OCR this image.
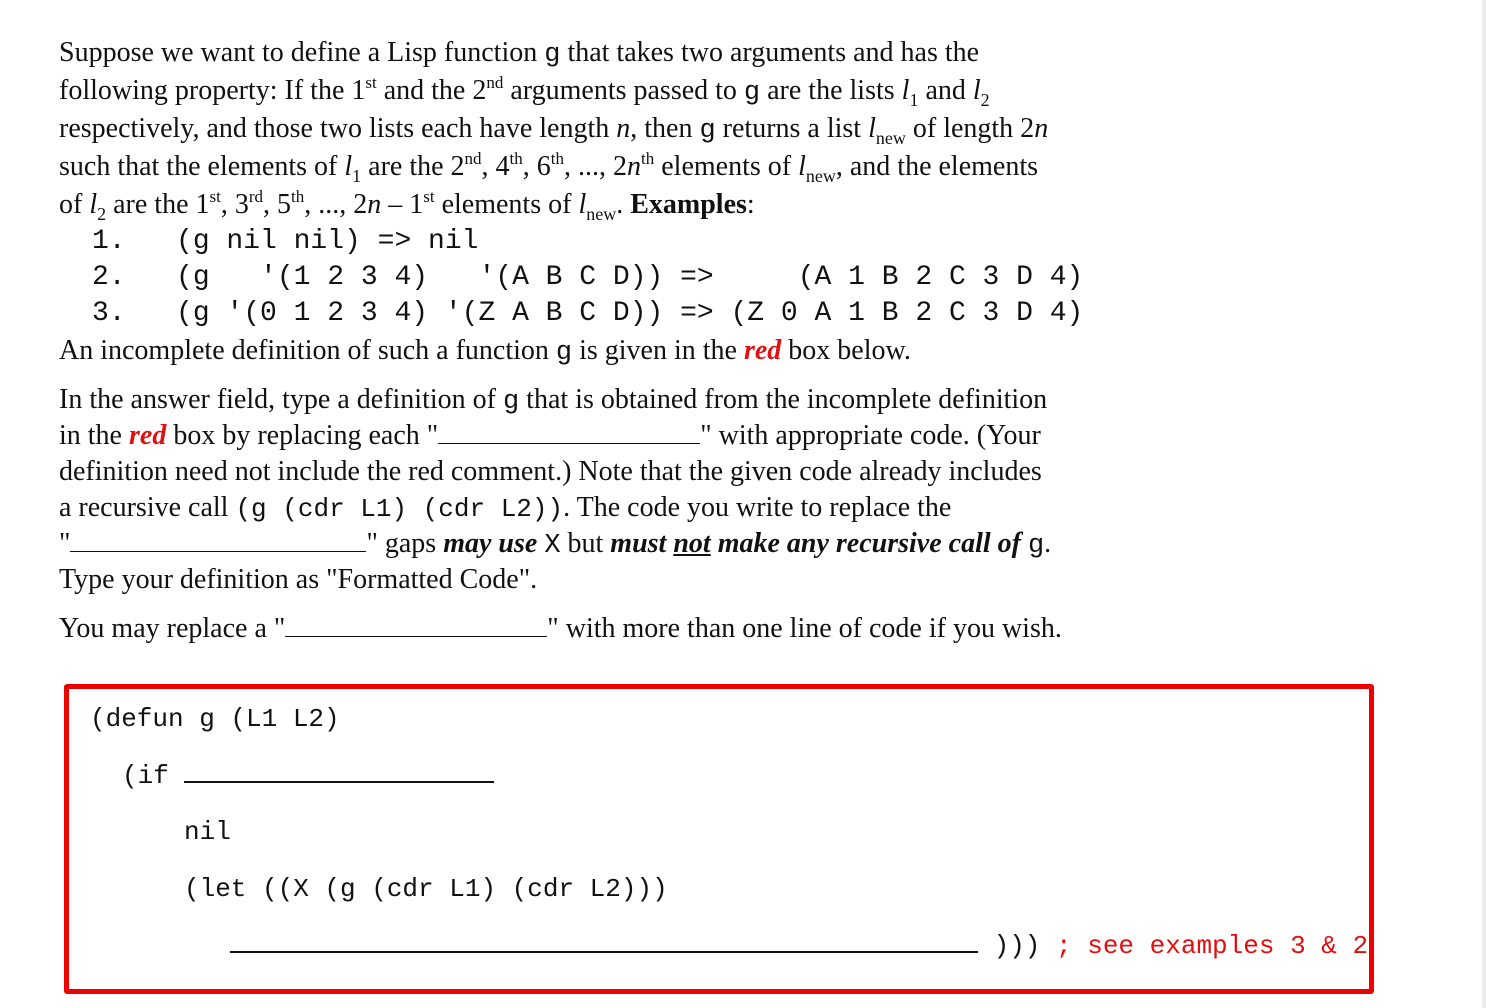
Suppose we want to define a Lisp function g that takes two arguments and has the
following property: If the 1st and the 2nd arguments passed to g are the lists $l_1$ and $l_2$
respectively, and those two lists each have length n, then g returns a list $l_{new}$ of length 2n
such that the elements of $l_1$ are the 2nd, 4th, 6th, ..., $2n^{th}$ elements of $l_{new}$, and the elements
of $l_2$ are the 1st, 3rd, 5th, ..., 2n – 1st elements of $l_{new}$. Examples:
1.   (g nil nil) => nil
2.   (g   '(1 2 3 4)   '(A B C D)) =>     (A 1 B 2 C 3 D 4)
3.   (g '(0 1 2 3 4) '(Z A B C D)) => (Z 0 A 1 B 2 C 3 D 4)
An incomplete definition of such a function g is given in the red box below.
In the answer field, type a definition of g that is obtained from the incomplete definition
in the red box by replacing each "	" with appropriate code. (Your
definition need not include the red comment.) Note that the given code already includes
a recursive call (g (cdr L1) (cdr L2)). The code you write to replace the
"	" gaps may use X but must not make any recursive call of g.
Type your definition as "Formatted Code".
You may replace a "	" with more than one line of code if you wish.
(defun g (L1 L2)
(if
nil
(let ((X (g (cdr L1) (cdr L2)))
))) ; see examples 3 & 2
